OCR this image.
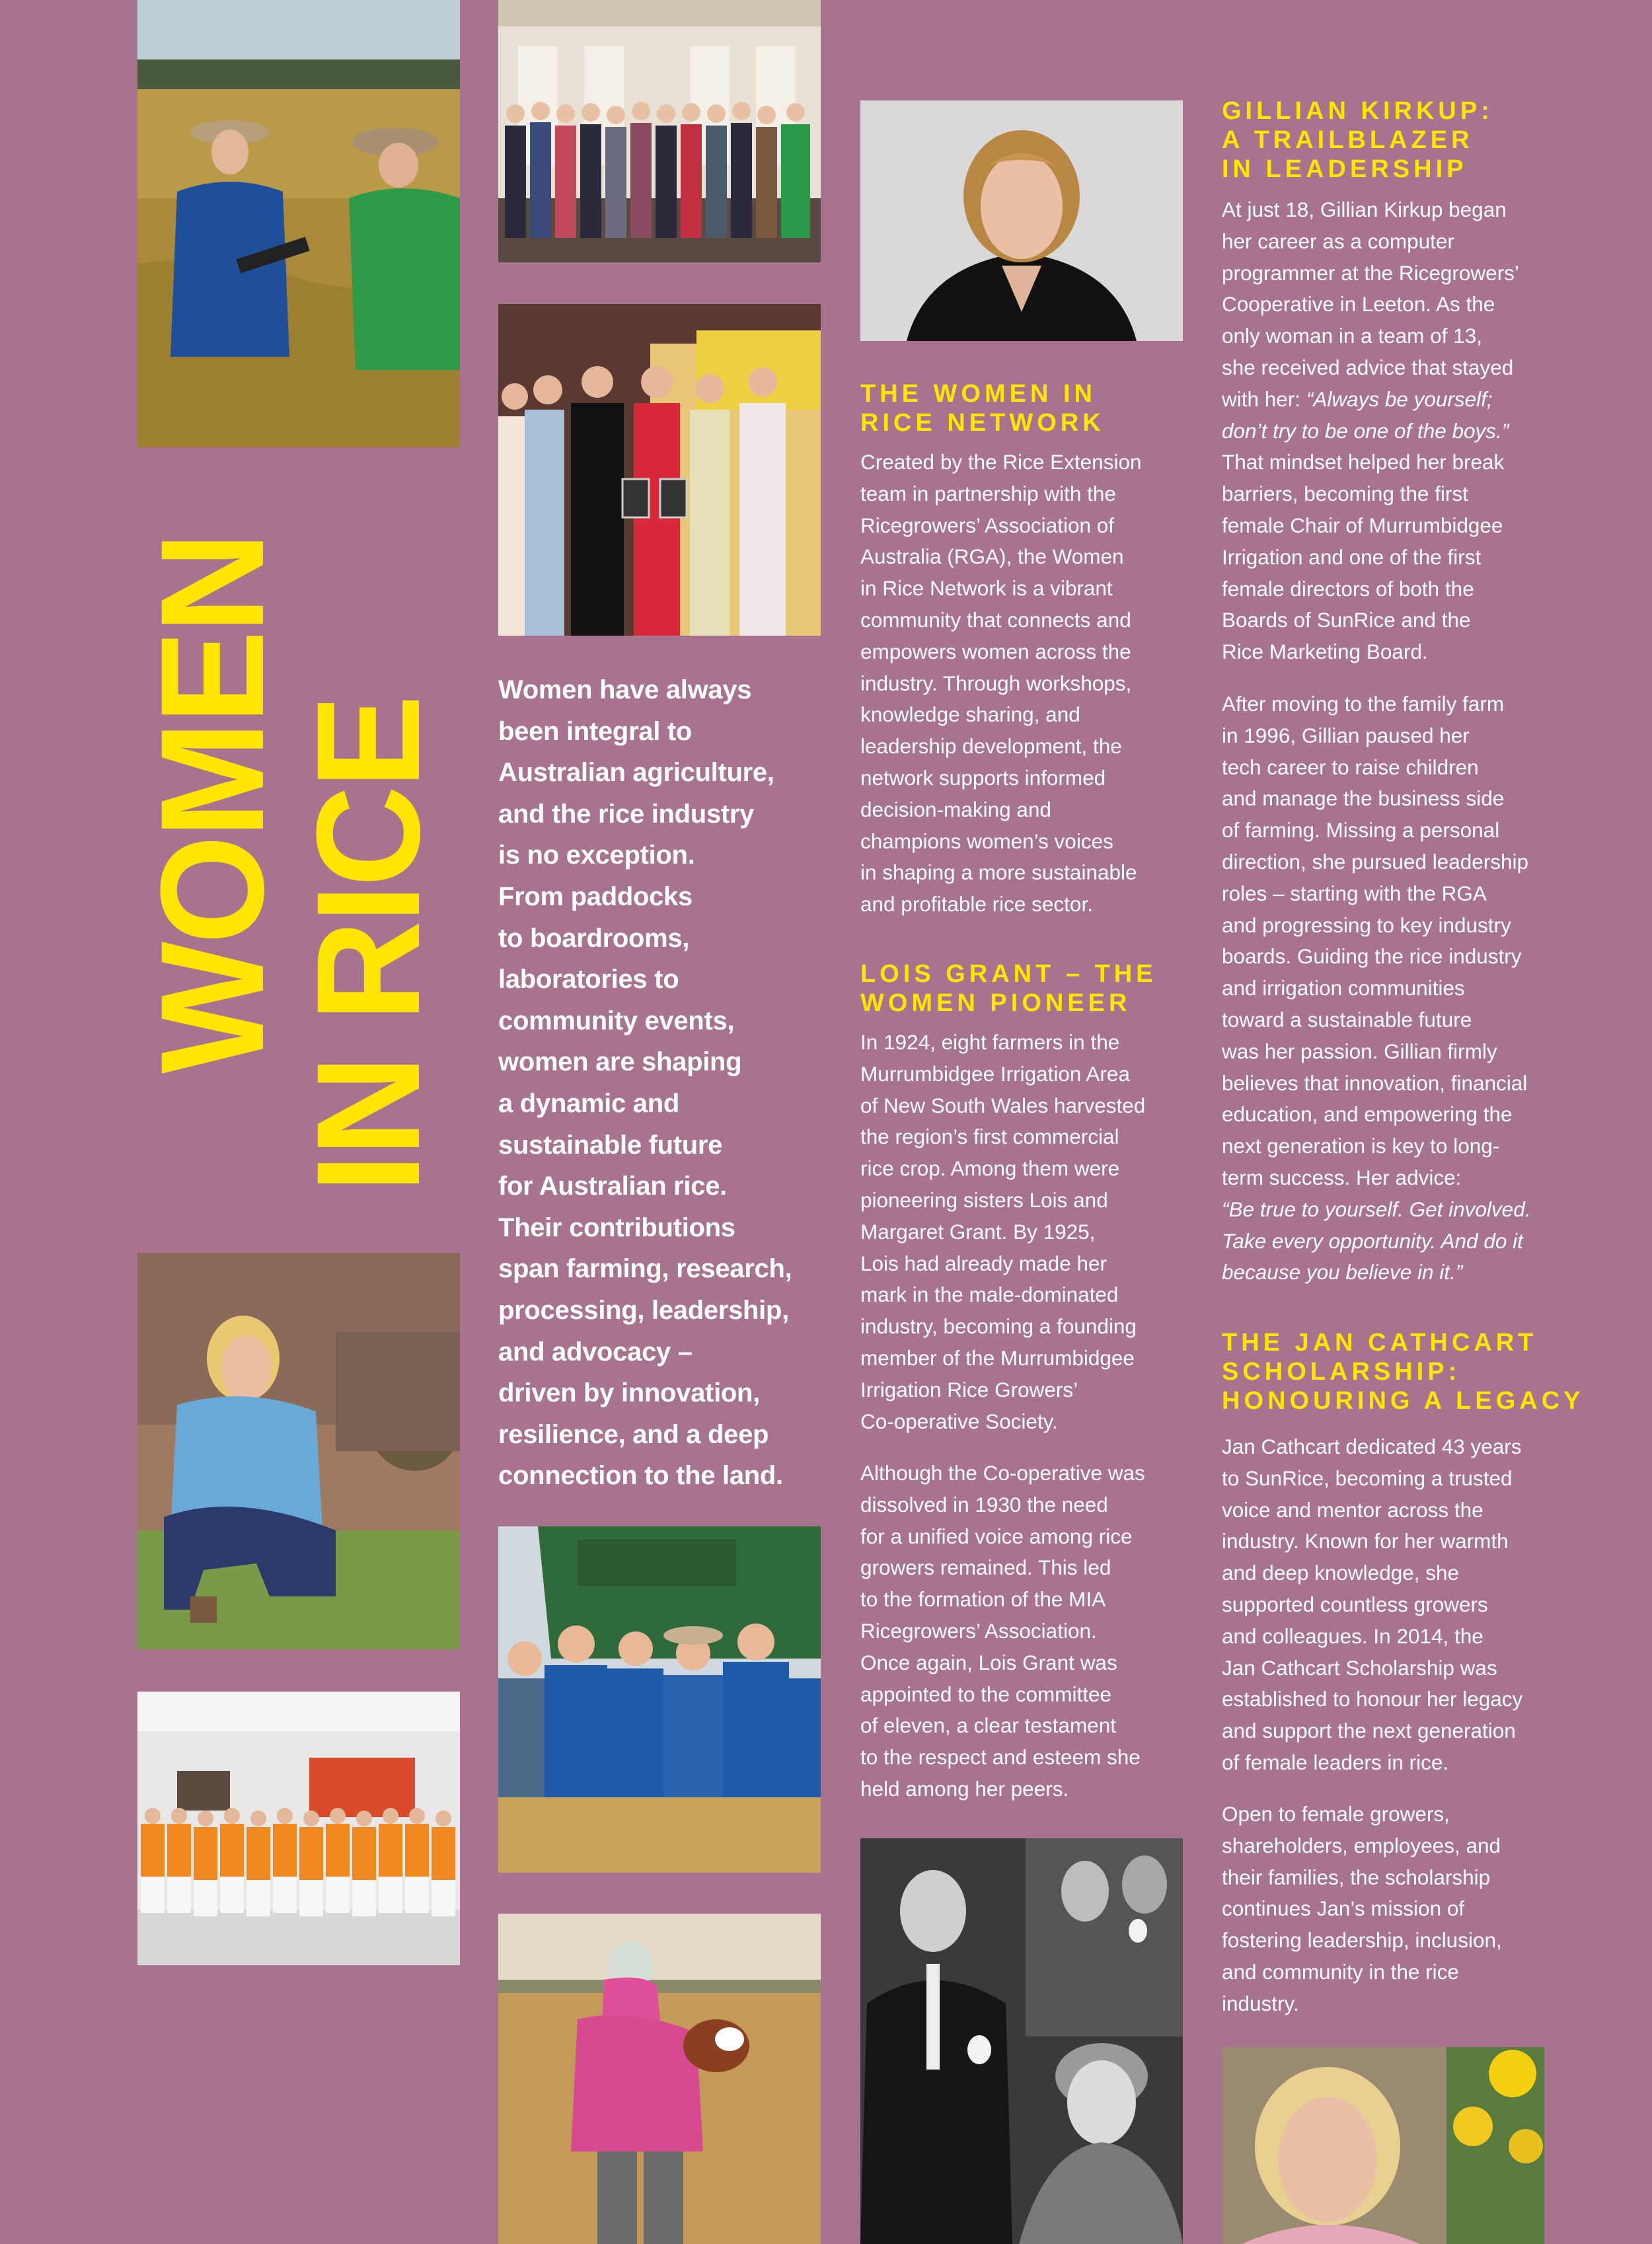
WOMEN
IN RICE
Women have always
been integral to
Australian agriculture,
and the rice industry
is no exception.
From paddocks
to boardrooms,
laboratories to
community events,
women are shaping
a dynamic and
sustainable future
for Australian rice.
Their contributions
span farming, research,
processing, leadership,
and advocacy –
driven by innovation,
resilience, and a deep
connection to the land.
THE WOMEN IN
RICE NETWORK
Created by the Rice Extension
team in partnership with the
Ricegrowers’ Association of
Australia (RGA), the Women
in Rice Network is a vibrant
community that connects and
empowers women across the
industry. Through workshops,
knowledge sharing, and
leadership development, the
network supports informed
decision-making and
champions women’s voices
in shaping a more sustainable
and profitable rice sector.
LOIS GRANT – THE
WOMEN PIONEER
In 1924, eight farmers in the
Murrumbidgee Irrigation Area
of New South Wales harvested
the region’s first commercial
rice crop. Among them were
pioneering sisters Lois and
Margaret Grant. By 1925,
Lois had already made her
mark in the male-dominated
industry, becoming a founding
member of the Murrumbidgee
Irrigation Rice Growers’
Co-operative Society.
Although the Co-operative was
dissolved in 1930 the need
for a unified voice among rice
growers remained. This led
to the formation of the MIA
Ricegrowers’ Association.
Once again, Lois Grant was
appointed to the committee
of eleven, a clear testament
to the respect and esteem she
held among her peers.
GILLIAN KIRKUP:
A TRAILBLAZER
IN LEADERSHIP
At just 18, Gillian Kirkup began
her career as a computer
programmer at the Ricegrowers’
Cooperative in Leeton. As the
only woman in a team of 13,
she received advice that stayed
with her: “Always be yourself;
don’t try to be one of the boys.”
That mindset helped her break
barriers, becoming the first
female Chair of Murrumbidgee
Irrigation and one of the first
female directors of both the
Boards of SunRice and the
Rice Marketing Board.
After moving to the family farm
in 1996, Gillian paused her
tech career to raise children
and manage the business side
of farming. Missing a personal
direction, she pursued leadership
roles – starting with the RGA
and progressing to key industry
boards. Guiding the rice industry
and irrigation communities
toward a sustainable future
was her passion. Gillian firmly
believes that innovation, financial
education, and empowering the
next generation is key to long-
term success. Her advice:
“Be true to yourself. Get involved.
Take every opportunity. And do it
because you believe in it.”
THE JAN CATHCART
SCHOLARSHIP:
HONOURING A LEGACY
Jan Cathcart dedicated 43 years
to SunRice, becoming a trusted
voice and mentor across the
industry. Known for her warmth
and deep knowledge, she
supported countless growers
and colleagues. In 2014, the
Jan Cathcart Scholarship was
established to honour her legacy
and support the next generation
of female leaders in rice.
Open to female growers,
shareholders, employees, and
their families, the scholarship
continues Jan’s mission of
fostering leadership, inclusion,
and community in the rice
industry.
